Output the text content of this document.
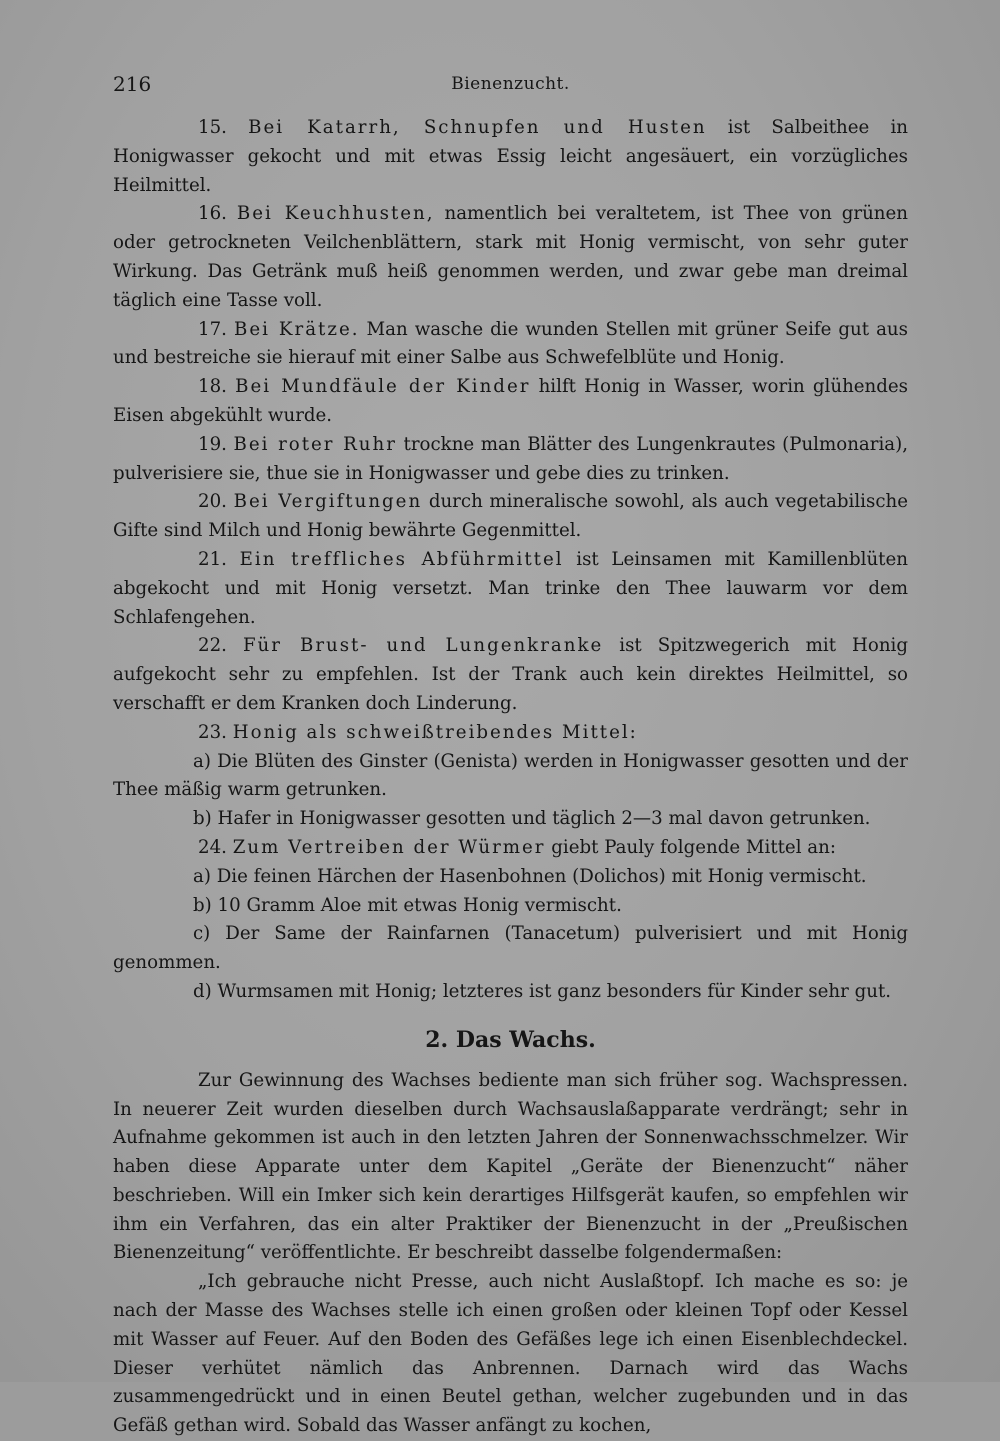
216	Bienenzucht.

15. Bei Katarrh, Schnupfen und Husten ist Salbeithee in Honigwasser gekocht und mit etwas Essig leicht angesäuert, ein vorzügliches Heilmittel.

16. Bei Keuchhusten, namentlich bei veraltetem, ist Thee von grünen oder getrockneten Veilchenblättern, stark mit Honig vermischt, von sehr guter Wirkung. Das Getränk muß heiß genommen werden, und zwar gebe man dreimal täglich eine Tasse voll.

17. Bei Krätze. Man wasche die wunden Stellen mit grüner Seife gut aus und bestreiche sie hierauf mit einer Salbe aus Schwefelblüte und Honig.

18. Bei Mundfäule der Kinder hilft Honig in Wasser, worin glühendes Eisen abgekühlt wurde.

19. Bei roter Ruhr trockne man Blätter des Lungenkrautes (Pulmonaria), pulverisiere sie, thue sie in Honigwasser und gebe dies zu trinken.

20. Bei Vergiftungen durch mineralische sowohl, als auch vegetabilische Gifte sind Milch und Honig bewährte Gegenmittel.

21. Ein treffliches Abführmittel ist Leinsamen mit Kamillenblüten abgekocht und mit Honig versetzt. Man trinke den Thee lauwarm vor dem Schlafengehen.

22. Für Brust- und Lungenkranke ist Spitzwegerich mit Honig aufgekocht sehr zu empfehlen. Ist der Trank auch kein direktes Heilmittel, so verschafft er dem Kranken doch Linderung.

23. Honig als schweißtreibendes Mittel:

a) Die Blüten des Ginster (Genista) werden in Honigwasser gesotten und der Thee mäßig warm getrunken.

b) Hafer in Honigwasser gesotten und täglich 2—3 mal davon getrunken.

24. Zum Vertreiben der Würmer giebt Pauly folgende Mittel an:

a) Die feinen Härchen der Hasenbohnen (Dolichos) mit Honig vermischt.

b) 10 Gramm Aloe mit etwas Honig vermischt.

c) Der Same der Rainfarnen (Tanacetum) pulverisiert und mit Honig genommen.

d) Wurmsamen mit Honig; letzteres ist ganz besonders für Kinder sehr gut.

2. Das Wachs.

Zur Gewinnung des Wachses bediente man sich früher sog. Wachspressen. In neuerer Zeit wurden dieselben durch Wachsauslaßapparate verdrängt; sehr in Aufnahme gekommen ist auch in den letzten Jahren der Sonnenwachsschmelzer. Wir haben diese Apparate unter dem Kapitel „Geräte der Bienenzucht“ näher beschrieben. Will ein Imker sich kein derartiges Hilfsgerät kaufen, so empfehlen wir ihm ein Verfahren, das ein alter Praktiker der Bienenzucht in der „Preußischen Bienenzeitung“ veröffentlichte. Er beschreibt dasselbe folgendermaßen:

„Ich gebrauche nicht Presse, auch nicht Auslaßtopf. Ich mache es so: je nach der Masse des Wachses stelle ich einen großen oder kleinen Topf oder Kessel mit Wasser auf Feuer. Auf den Boden des Gefäßes lege ich einen Eisenblechdeckel. Dieser verhütet nämlich das Anbrennen. Darnach wird das Wachs zusammengedrückt und in einen Beutel gethan, welcher zugebunden und in das Gefäß gethan wird. Sobald das Wasser anfängt zu kochen,
